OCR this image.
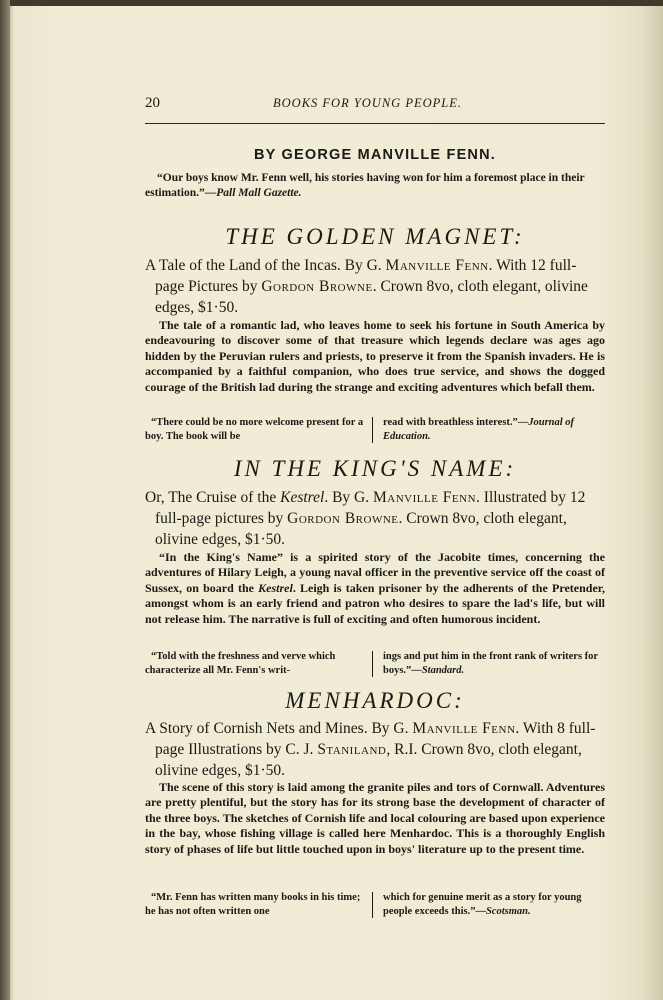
20	BOOKS FOR YOUNG PEOPLE.
BY GEORGE MANVILLE FENN.
“Our boys know Mr. Fenn well, his stories having won for him a foremost place in their estimation.”—Pall Mall Gazette.
THE GOLDEN MAGNET:
A Tale of the Land of the Incas. By G. Manville Fenn. With 12 full-page Pictures by Gordon Browne. Crown 8vo, cloth elegant, olivine edges, $1·50.
The tale of a romantic lad, who leaves home to seek his fortune in South America by endeavouring to discover some of that treasure which legends declare was ages ago hidden by the Peruvian rulers and priests, to preserve it from the Spanish invaders. He is accompanied by a faithful companion, who does true service, and shows the dogged courage of the British lad during the strange and exciting adventures which befall them.
“There could be no more welcome present for a boy. The book will be
read with breathless interest.”—Journal of Education.
IN THE KING'S NAME:
Or, The Cruise of the Kestrel. By G. Manville Fenn. Illustrated by 12 full-page pictures by Gordon Browne. Crown 8vo, cloth elegant, olivine edges, $1·50.
“In the King's Name” is a spirited story of the Jacobite times, concerning the adventures of Hilary Leigh, a young naval officer in the preventive service off the coast of Sussex, on board the Kestrel. Leigh is taken prisoner by the adherents of the Pretender, amongst whom is an early friend and patron who desires to spare the lad's life, but will not release him. The narrative is full of exciting and often humorous incident.
“Told with the freshness and verve which characterize all Mr. Fenn's writ-
ings and put him in the front rank of writers for boys.”—Standard.
MENHARDOC:
A Story of Cornish Nets and Mines. By G. Manville Fenn. With 8 full-page Illustrations by C. J. Staniland, R.I. Crown 8vo, cloth elegant, olivine edges, $1·50.
The scene of this story is laid among the granite piles and tors of Cornwall. Adventures are pretty plentiful, but the story has for its strong base the development of character of the three boys. The sketches of Cornish life and local colouring are based upon experience in the bay, whose fishing village is called here Menhardoc. This is a thoroughly English story of phases of life but little touched upon in boys' literature up to the present time.
“Mr. Fenn has written many books in his time; he has not often written one
which for genuine merit as a story for young people exceeds this.”—Scotsman.
